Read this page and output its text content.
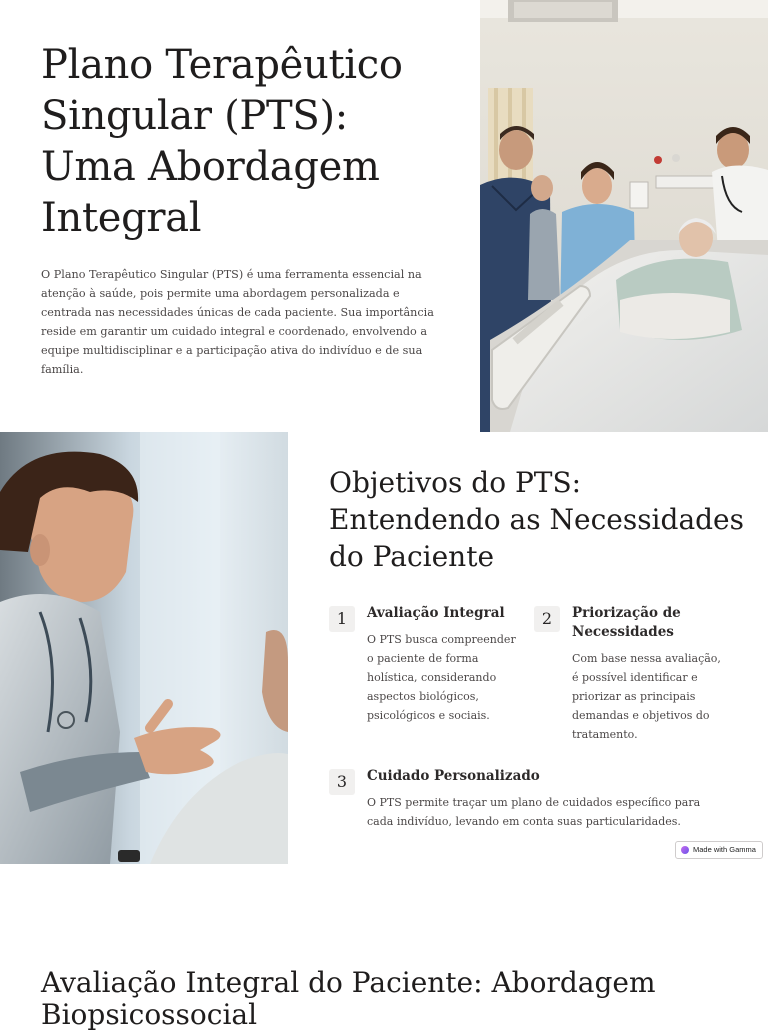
Plano Terapêutico Singular (PTS): Uma Abordagem Integral

O Plano Terapêutico Singular (PTS) é uma ferramenta essencial na atenção à saúde, pois permite uma abordagem personalizada e centrada nas necessidades únicas de cada paciente. Sua importância reside em garantir um cuidado integral e coordenado, envolvendo a equipe multidisciplinar e a participação ativa do indivíduo e de sua família.

Objetivos do PTS: Entendendo as Necessidades do Paciente
1	Avaliação Integral

O PTS busca compreender o paciente de forma holística, considerando aspectos biológicos, psicológicos e sociais.

2	Priorização de Necessidades

Com base nessa avaliação, é possível identificar e priorizar as principais demandas e objetivos do tratamento.

3	Cuidado Personalizado

O PTS permite traçar um plano de cuidados específico para cada indivíduo, levando em conta suas particularidades.

Made with Gamma
Avaliação Integral do Paciente: Abordagem Biopsicossocial
